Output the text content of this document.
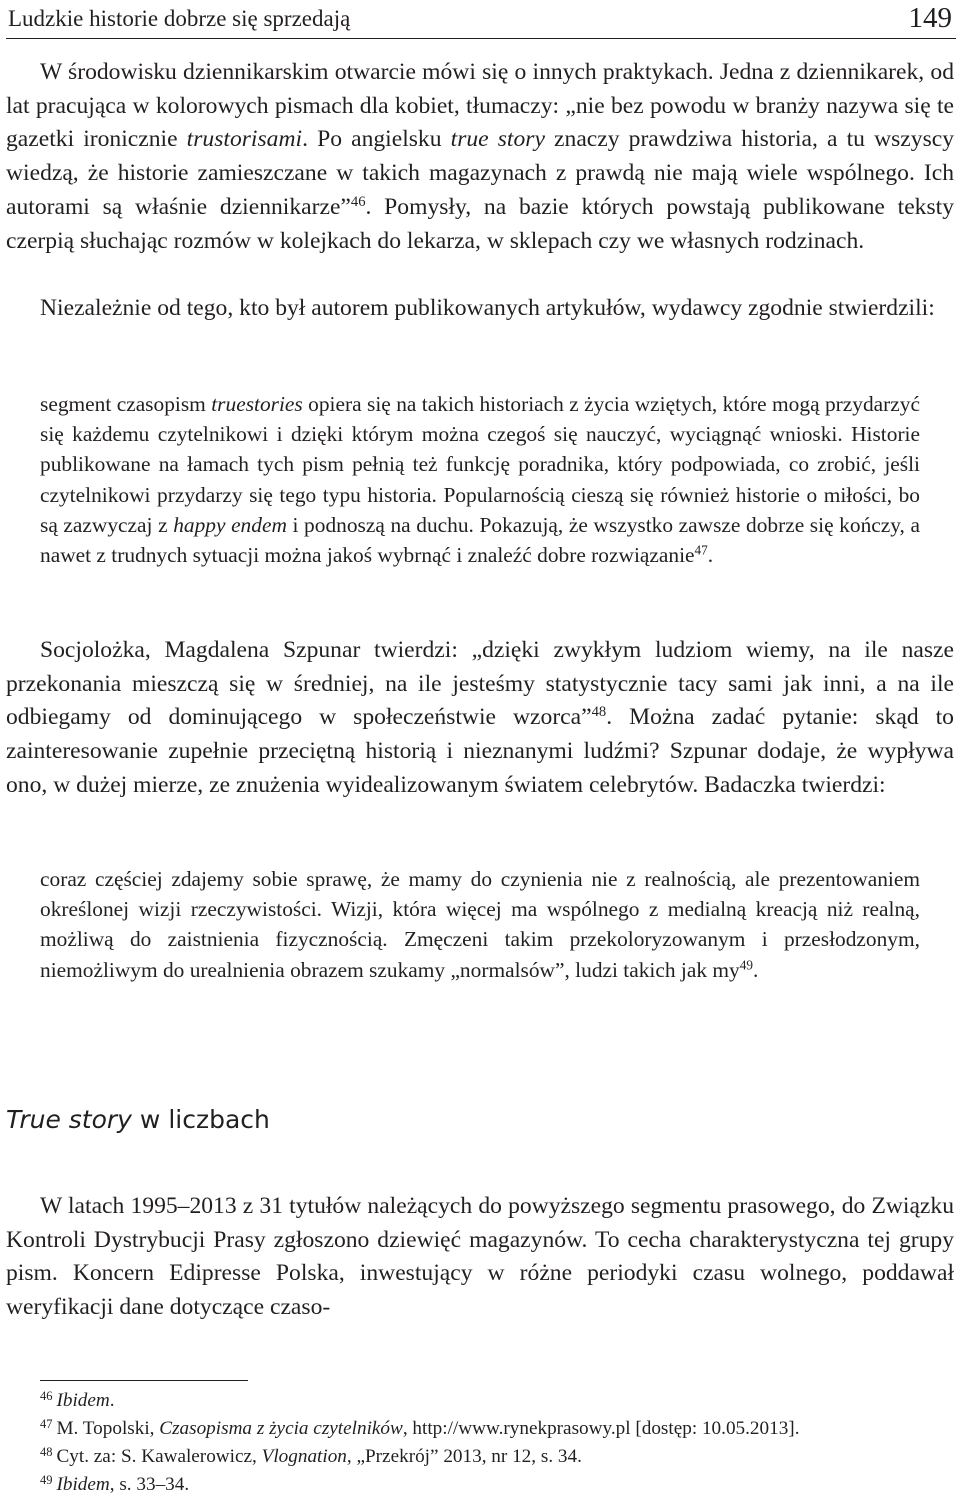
Ludzkie historie dobrze się sprzedają	149

W środowisku dziennikarskim otwarcie mówi się o innych praktykach. Jedna z dziennikarek, od lat pracująca w kolorowych pismach dla kobiet, tłumaczy: „nie bez powodu w branży nazywa się te gazetki ironicznie trustorisami. Po angielsku true story znaczy prawdziwa historia, a tu wszyscy wiedzą, że historie zamieszczane w takich magazynach z prawdą nie mają wiele wspólnego. Ich autorami są właśnie dziennikarze”$^{46}$. Pomysły, na bazie których powstają publikowane teksty czerpią słuchając rozmów w kolejkach do lekarza, w sklepach czy we własnych rodzinach.

Niezależnie od tego, kto był autorem publikowanych artykułów, wydawcy zgodnie stwierdzili:

segment czasopism truestories opiera się na takich historiach z życia wziętych, które mogą przydarzyć się każdemu czytelnikowi i dzięki którym można czegoś się nauczyć, wyciągnąć wnioski. Historie publikowane na łamach tych pism pełnią też funkcję poradnika, który podpowiada, co zrobić, jeśli czytelnikowi przydarzy się tego typu historia. Popularnością cieszą się również historie o miłości, bo są zazwyczaj z happy endem i podnoszą na duchu. Pokazują, że wszystko zawsze dobrze się kończy, a nawet z trudnych sytuacji można jakoś wybrnąć i znaleźć dobre rozwiązanie$^{47}$.

Socjolożka, Magdalena Szpunar twierdzi: „dzięki zwykłym ludziom wiemy, na ile nasze przekonania mieszczą się w średniej, na ile jesteśmy statystycznie tacy sami jak inni, a na ile odbiegamy od dominującego w społeczeństwie wzorca”$^{48}$. Można zadać pytanie: skąd to zainteresowanie zupełnie przeciętną historią i nieznanymi ludźmi? Szpunar dodaje, że wypływa ono, w dużej mierze, ze znużenia wyidealizowanym światem celebrytów. Badaczka twierdzi:

coraz częściej zdajemy sobie sprawę, że mamy do czynienia nie z realnością, ale prezentowaniem określonej wizji rzeczywistości. Wizji, która więcej ma wspólnego z medialną kreacją niż realną, możliwą do zaistnienia fizycznością. Zmęczeni takim przekoloryzowanym i przesłodzonym, niemożliwym do urealnienia obrazem szukamy „normalsów”, ludzi takich jak $my^{49}$.

True story w liczbach

W latach 1995–2013 z 31 tytułów należących do powyższego segmentu prasowego, do Związku Kontroli Dystrybucji Prasy zgłoszono dziewięć magazynów. To cecha charakterystyczna tej grupy pism. Koncern Edipresse Polska, inwestujący w różne periodyki czasu wolnego, poddawał weryfikacji dane dotyczące czaso-

$^{46}$ Ibidem.
$^{47}$ M. Topolski, Czasopisma z życia czytelników, http://www.rynekprasowy.pl [dostęp: 10.05.2013].
$^{48}$ Cyt. za: S. Kawalerowicz, Vlognation, „Przekrój” 2013, nr 12, s. 34.
$^{49}$ Ibidem, s. 33–34.
